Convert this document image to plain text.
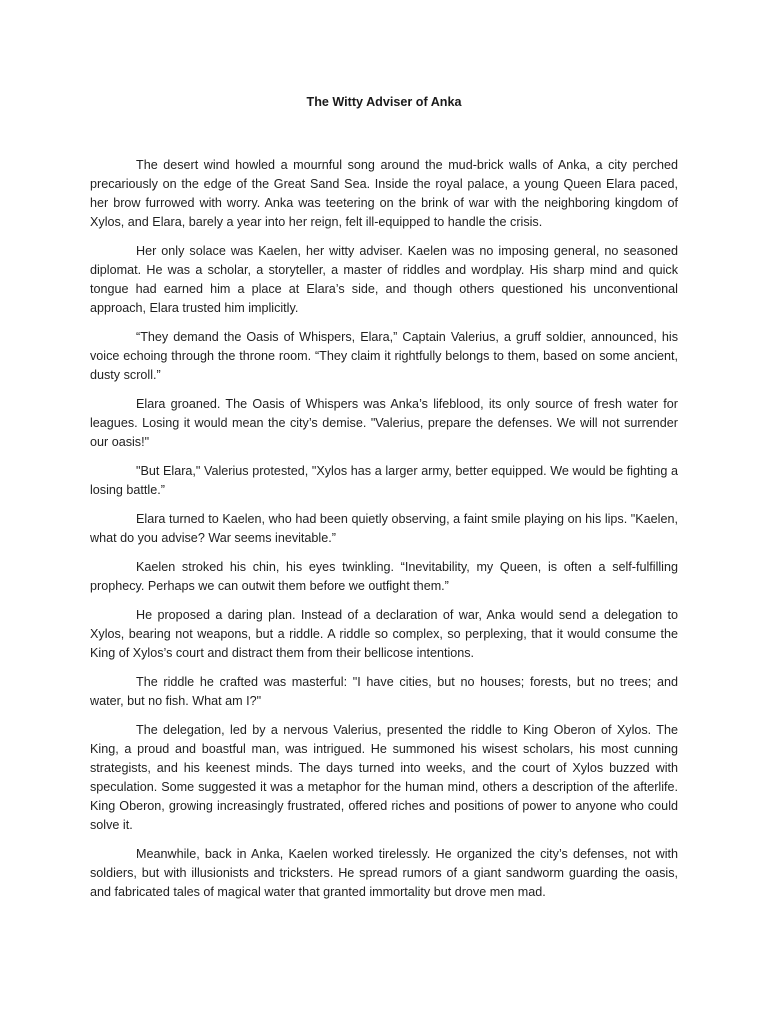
The Witty Adviser of Anka

The desert wind howled a mournful song around the mud-brick walls of Anka, a city perched precariously on the edge of the Great Sand Sea. Inside the royal palace, a young Queen Elara paced, her brow furrowed with worry. Anka was teetering on the brink of war with the neighboring kingdom of Xylos, and Elara, barely a year into her reign, felt ill-equipped to handle the crisis.

Her only solace was Kaelen, her witty adviser. Kaelen was no imposing general, no seasoned diplomat. He was a scholar, a storyteller, a master of riddles and wordplay. His sharp mind and quick tongue had earned him a place at Elara’s side, and though others questioned his unconventional approach, Elara trusted him implicitly.

“They demand the Oasis of Whispers, Elara,” Captain Valerius, a gruff soldier, announced, his voice echoing through the throne room. “They claim it rightfully belongs to them, based on some ancient, dusty scroll.”

Elara groaned. The Oasis of Whispers was Anka’s lifeblood, its only source of fresh water for leagues. Losing it would mean the city’s demise. "Valerius, prepare the defenses. We will not surrender our oasis!"

"But Elara," Valerius protested, "Xylos has a larger army, better equipped. We would be fighting a losing battle.”

Elara turned to Kaelen, who had been quietly observing, a faint smile playing on his lips. "Kaelen, what do you advise? War seems inevitable.”

Kaelen stroked his chin, his eyes twinkling. “Inevitability, my Queen, is often a self-fulfilling prophecy. Perhaps we can outwit them before we outfight them.”

He proposed a daring plan. Instead of a declaration of war, Anka would send a delegation to Xylos, bearing not weapons, but a riddle. A riddle so complex, so perplexing, that it would consume the King of Xylos’s court and distract them from their bellicose intentions.

The riddle he crafted was masterful: "I have cities, but no houses; forests, but no trees; and water, but no fish. What am I?"

The delegation, led by a nervous Valerius, presented the riddle to King Oberon of Xylos. The King, a proud and boastful man, was intrigued. He summoned his wisest scholars, his most cunning strategists, and his keenest minds. The days turned into weeks, and the court of Xylos buzzed with speculation. Some suggested it was a metaphor for the human mind, others a description of the afterlife. King Oberon, growing increasingly frustrated, offered riches and positions of power to anyone who could solve it.

Meanwhile, back in Anka, Kaelen worked tirelessly. He organized the city’s defenses, not with soldiers, but with illusionists and tricksters. He spread rumors of a giant sandworm guarding the oasis, and fabricated tales of magical water that granted immortality but drove men mad.
